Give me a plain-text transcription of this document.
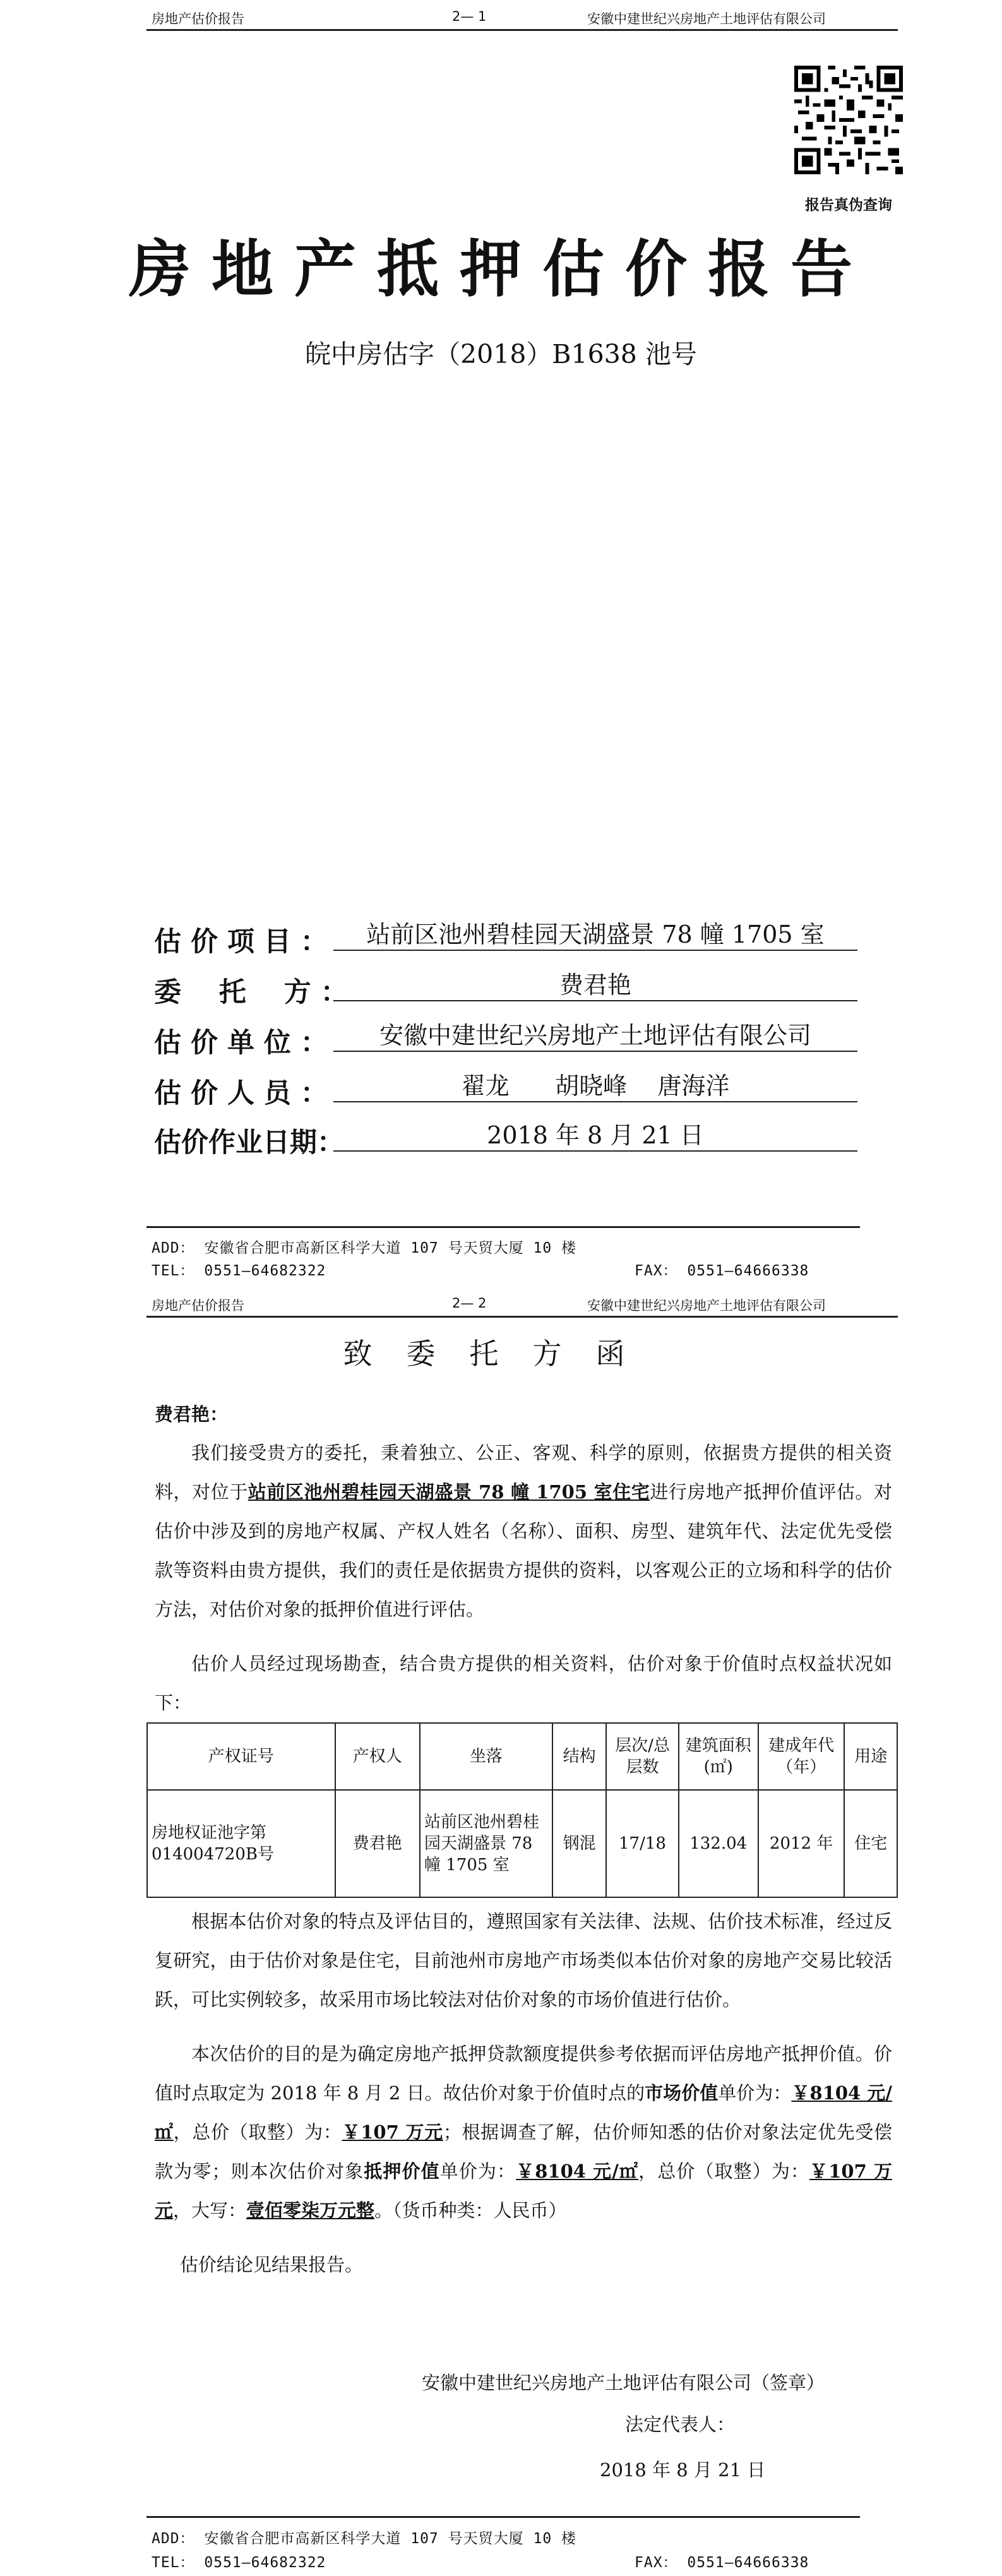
房地产估价报告	2— 1	安徽中建世纪兴房地产土地评估有限公司
报告真伪查询
房地产抵押估价报告
皖中房估字（2018）B1638 池号
估 价 项 目 ：	站前区池州碧桂园天湖盛景 78 幢 1705 室
委    托    方 ：	费君艳
估 价 单 位 ：	安徽中建世纪兴房地产土地评估有限公司
估 价 人 员 ：	翟龙      胡晓峰    唐海洋
估价作业日期：	2018 年 8 月 21 日
ADD： 安徽省合肥市高新区科学大道 107 号天贸大厦 10 楼
TEL： 0551—64682322	FAX： 0551—64666338
房地产估价报告	2— 2	安徽中建世纪兴房地产土地评估有限公司
致委托方函
费君艳：
我们接受贵方的委托，秉着独立、公正、客观、科学的原则，依据贵方提供的相关资料，对位于站前区池州碧桂园天湖盛景 78 幢 1705 室住宅进行房地产抵押价值评估。对估价中涉及到的房地产权属、产权人姓名（名称）、面积、房型、建筑年代、法定优先受偿款等资料由贵方提供，我们的责任是依据贵方提供的资料，以客观公正的立场和科学的估价方法，对估价对象的抵押价值进行评估。
估价人员经过现场勘查，结合贵方提供的相关资料，估价对象于价值时点权益状况如下：
产权证号	产权人	坐落	结构	层次/总层数	建筑面积(㎡)	建成年代（年）	用途
房地权证池字第014004720B号	费君艳	站前区池州碧桂园天湖盛景 78 幢 1705 室	钢混	17/18	132.04	2012 年	住宅
根据本估价对象的特点及评估目的，遵照国家有关法律、法规、估价技术标准，经过反复研究，由于估价对象是住宅，目前池州市房地产市场类似本估价对象的房地产交易比较活跃，可比实例较多，故采用市场比较法对估价对象的市场价值进行估价。
本次估价的目的是为确定房地产抵押贷款额度提供参考依据而评估房地产抵押价值。价值时点取定为 2018 年 8 月 2 日。故估价对象于价值时点的市场价值单价为：￥8104 元/㎡，总价（取整）为：￥107 万元；根据调查了解，估价师知悉的估价对象法定优先受偿款为零；则本次估价对象抵押价值单价为：￥8104 元/㎡，总价（取整）为：￥107 万元，大写：壹佰零柒万元整。（货币种类：人民币）
估价结论见结果报告。
安徽中建世纪兴房地产土地评估有限公司（签章）
法定代表人：
2018 年 8 月 21 日
ADD： 安徽省合肥市高新区科学大道 107 号天贸大厦 10 楼
TEL： 0551—64682322	FAX： 0551—64666338
